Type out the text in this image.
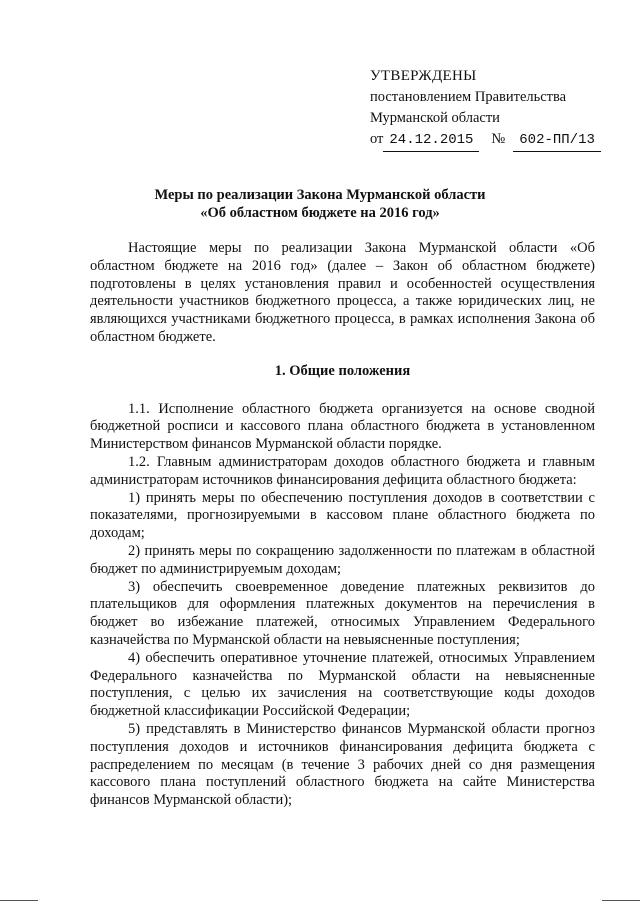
УТВЕРЖДЕНЫ
постановлением Правительства
Мурманской области
от 24.12.2015	№	602-ПП/13
Меры по реализации Закона Мурманской области
«Об областном бюджете на 2016 год»

Настоящие меры по реализации Закона Мурманской области «Об областном бюджете на 2016 год» (далее – Закон об областном бюджете) подготовлены в целях установления правил и особенностей осуществления деятельности участников бюджетного процесса, а также юридических лиц, не являющихся участниками бюджетного процесса, в рамках исполнения Закона об областном бюджете.

1. Общие положения

1.1. Исполнение областного бюджета организуется на основе сводной бюджетной росписи и кассового плана областного бюджета в установленном Министерством финансов Мурманской области порядке.

1.2. Главным администраторам доходов областного бюджета и главным администраторам источников финансирования дефицита областного бюджета:

1) принять меры по обеспечению поступления доходов в соответствии с показателями, прогнозируемыми в кассовом плане областного бюджета по доходам;

2) принять меры по сокращению задолженности по платежам в областной бюджет по администрируемым доходам;

3) обеспечить своевременное доведение платежных реквизитов до плательщиков для оформления платежных документов на перечисления в бюджет во избежание платежей, относимых Управлением Федерального казначейства по Мурманской области на невыясненные поступления;

4) обеспечить оперативное уточнение платежей, относимых Управлением Федерального казначейства по Мурманской области на невыясненные поступления, с целью их зачисления на соответствующие коды доходов бюджетной классификации Российской Федерации;

5) представлять в Министерство финансов Мурманской области прогноз поступления доходов и источников финансирования дефицита бюджета с распределением по месяцам (в течение 3 рабочих дней со дня размещения кассового плана поступлений областного бюджета на сайте Министерства финансов Мурманской области);
